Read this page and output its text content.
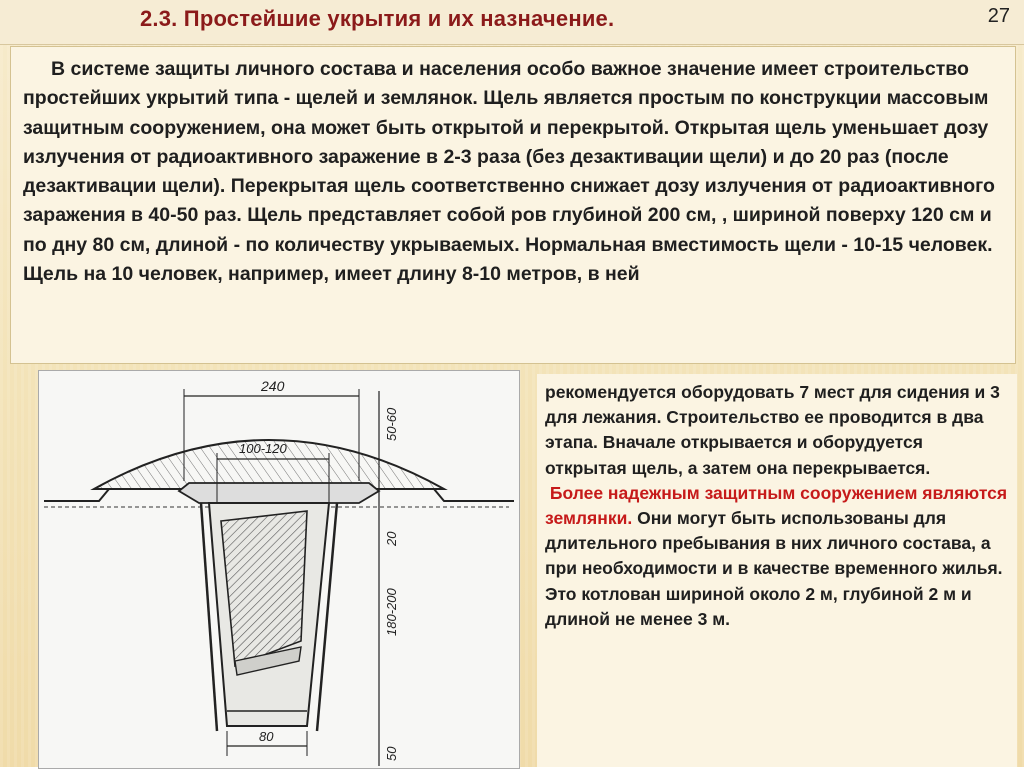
2.3. Простейшие укрытия и их назначение.	27

В системе защиты личного состава и населения особо важное значение имеет строительство простейших укрытий типа - щелей и землянок. Щель является простым по конструкции массовым защитным сооружением, она может быть открытой и перекрытой. Открытая щель уменьшает дозу излучения от радиоактивного заражение в 2-3 раза (без дезактивации щели) и до 20 раз (после дезактивации щели). Перекрытая щель соответственно снижает дозу излучения от радиоактивного заражения в 40-50 раз. Щель представляет собой ров глубиной 200 см, , шириной поверху 120 см и по дну 80 см, длиной - по количеству укрываемых. Нормальная вместимость щели - 10-15 человек. Щель на 10 человек, например, имеет длину 8-10 метров, в ней

240
100-120
50-60
20
180-200
50
80

рекомендуется оборудовать 7 мест для сидения и 3 для лежания. Строительство ее проводится в два этапа. Вначале открывается и оборудуется открытая щель, а затем она перекрывается.
Более надежным защитным сооружением являются землянки. Они могут быть использованы для длительного пребывания в них личного состава, а при необходимости и в качестве временного жилья. Это котлован шириной около 2 м, глубиной 2 м и длиной не менее 3 м.
